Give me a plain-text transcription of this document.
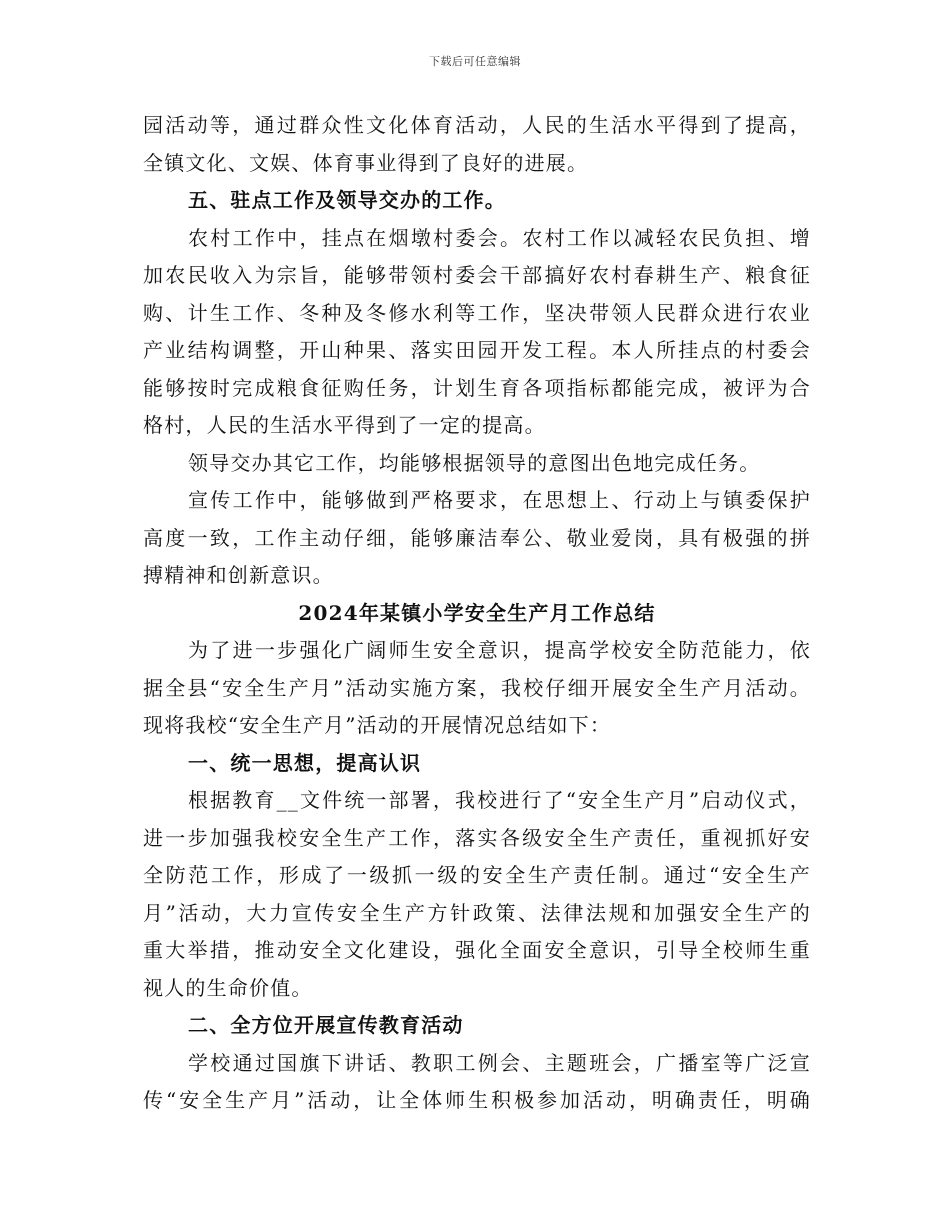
下载后可任意编辑
园活动等，通过群众性文化体育活动，人民的生活水平得到了提高，
全镇文化、文娱、体育事业得到了良好的进展。
五、驻点工作及领导交办的工作。
农村工作中，挂点在烟墩村委会。农村工作以减轻农民负担、增
加农民收入为宗旨，能够带领村委会干部搞好农村春耕生产、粮食征
购、计生工作、冬种及冬修水利等工作，坚决带领人民群众进行农业
产业结构调整，开山种果、落实田园开发工程。本人所挂点的村委会
能够按时完成粮食征购任务，计划生育各项指标都能完成，被评为合
格村，人民的生活水平得到了一定的提高。
领导交办其它工作，均能够根据领导的意图出色地完成任务。
宣传工作中，能够做到严格要求，在思想上、行动上与镇委保护
高度一致，工作主动仔细，能够廉洁奉公、敬业爱岗，具有极强的拼
搏精神和创新意识。
2024年某镇小学安全生产月工作总结
为了进一步强化广阔师生安全意识，提高学校安全防范能力，依
据全县“安全生产月”活动实施方案，我校仔细开展安全生产月活动。
现将我校“安全生产月”活动的开展情况总结如下：
一、统一思想，提高认识
根据教育__文件统一部署，我校进行了“安全生产月”启动仪式，
进一步加强我校安全生产工作，落实各级安全生产责任，重视抓好安
全防范工作，形成了一级抓一级的安全生产责任制。通过“安全生产
月”活动，大力宣传安全生产方针政策、法律法规和加强安全生产的
重大举措，推动安全文化建设，强化全面安全意识，引导全校师生重
视人的生命价值。
二、全方位开展宣传教育活动
学校通过国旗下讲话、教职工例会、主题班会，广播室等广泛宣
传“安全生产月”活动，让全体师生积极参加活动，明确责任，明确
